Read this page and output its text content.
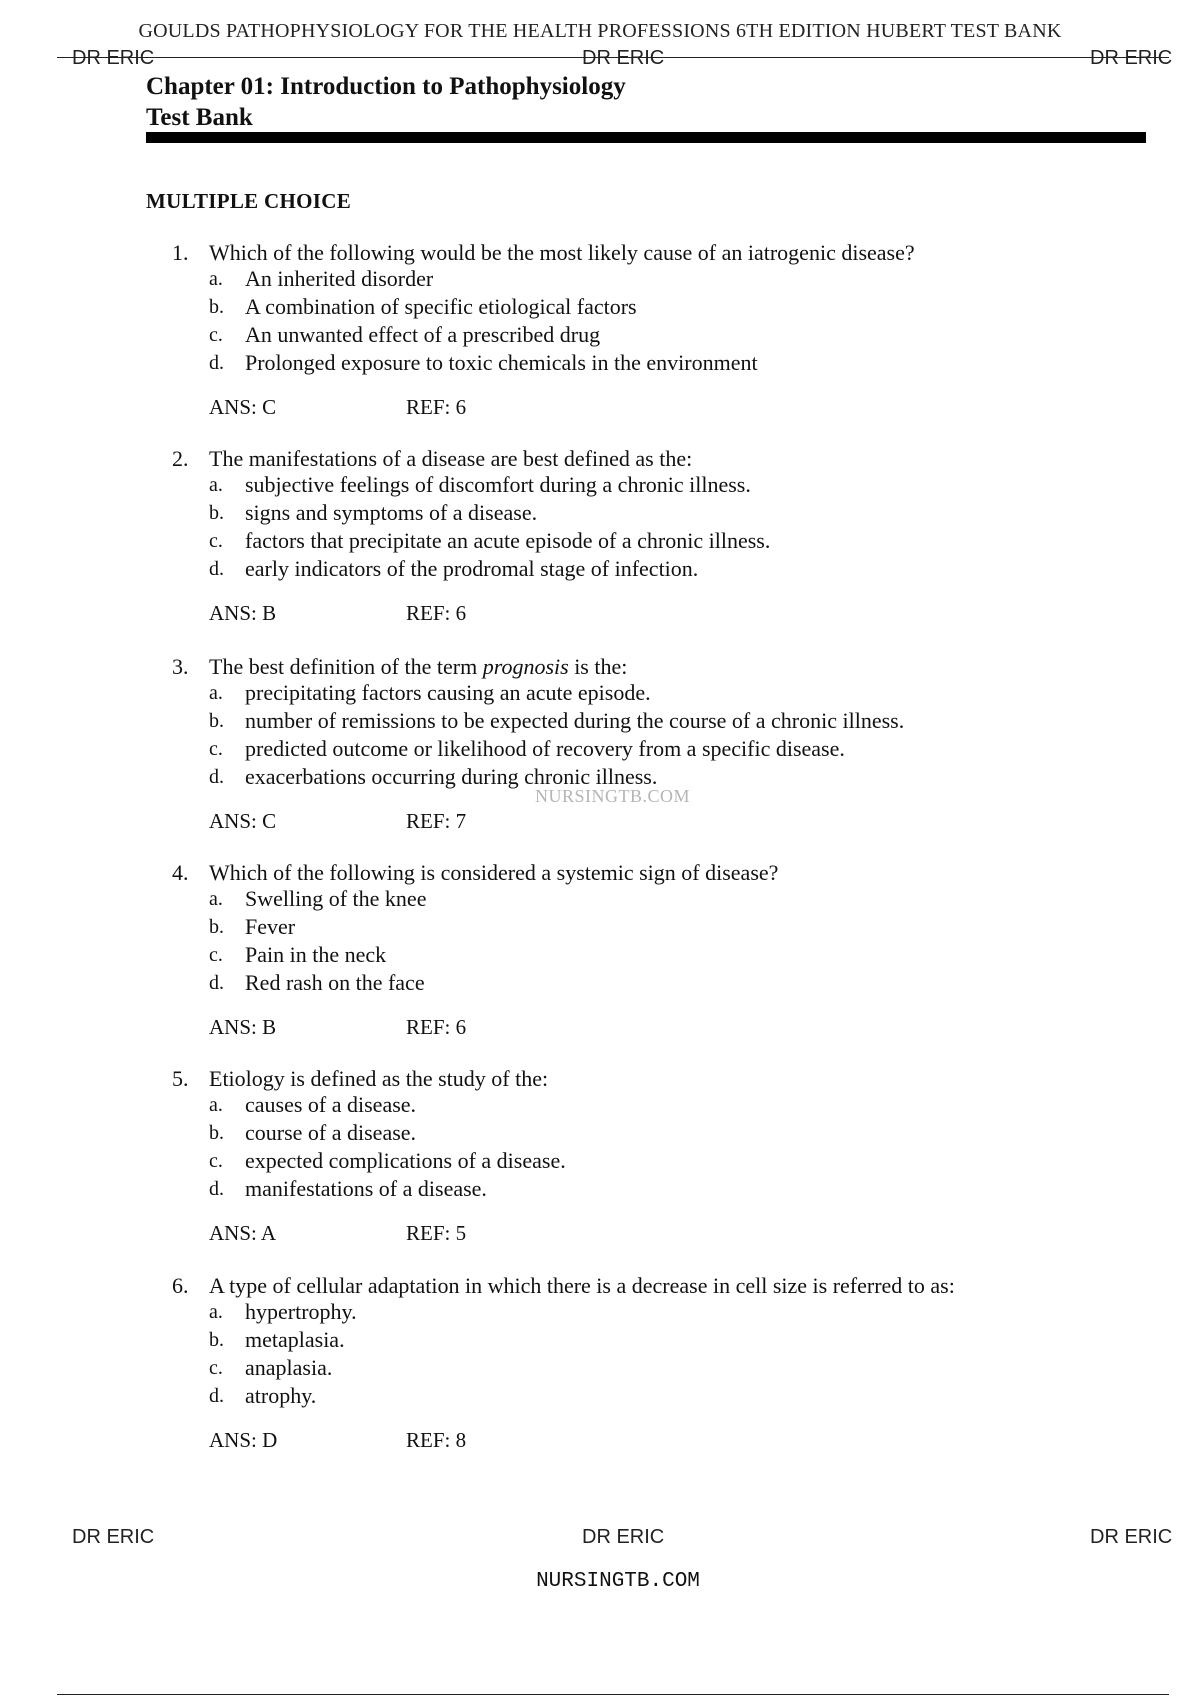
GOULDS PATHOPHYSIOLOGY FOR THE HEALTH PROFESSIONS 6TH EDITION HUBERT TEST BANK
DR ERIC	DR ERIC	DR ERIC
Chapter 01: Introduction to Pathophysiology
Test Bank
MULTIPLE CHOICE
1. Which of the following would be the most likely cause of an iatrogenic disease?
a. An inherited disorder
b. A combination of specific etiological factors
c. An unwanted effect of a prescribed drug
d. Prolonged exposure to toxic chemicals in the environment
ANS: C	REF: 6
2. The manifestations of a disease are best defined as the:
a. subjective feelings of discomfort during a chronic illness.
b. signs and symptoms of a disease.
c. factors that precipitate an acute episode of a chronic illness.
d. early indicators of the prodromal stage of infection.
ANS: B	REF: 6
3. The best definition of the term prognosis is the:
a. precipitating factors causing an acute episode.
b. number of remissions to be expected during the course of a chronic illness.
c. predicted outcome or likelihood of recovery from a specific disease.
d. exacerbations occurring during chronic illness.
ANS: C	REF: 7
NURSINGTB.COM
4. Which of the following is considered a systemic sign of disease?
a. Swelling of the knee
b. Fever
c. Pain in the neck
d. Red rash on the face
ANS: B	REF: 6
5. Etiology is defined as the study of the:
a. causes of a disease.
b. course of a disease.
c. expected complications of a disease.
d. manifestations of a disease.
ANS: A	REF: 5
6. A type of cellular adaptation in which there is a decrease in cell size is referred to as:
a. hypertrophy.
b. metaplasia.
c. anaplasia.
d. atrophy.
ANS: D	REF: 8
DR ERIC	DR ERIC	DR ERIC
NURSINGTB.COM
